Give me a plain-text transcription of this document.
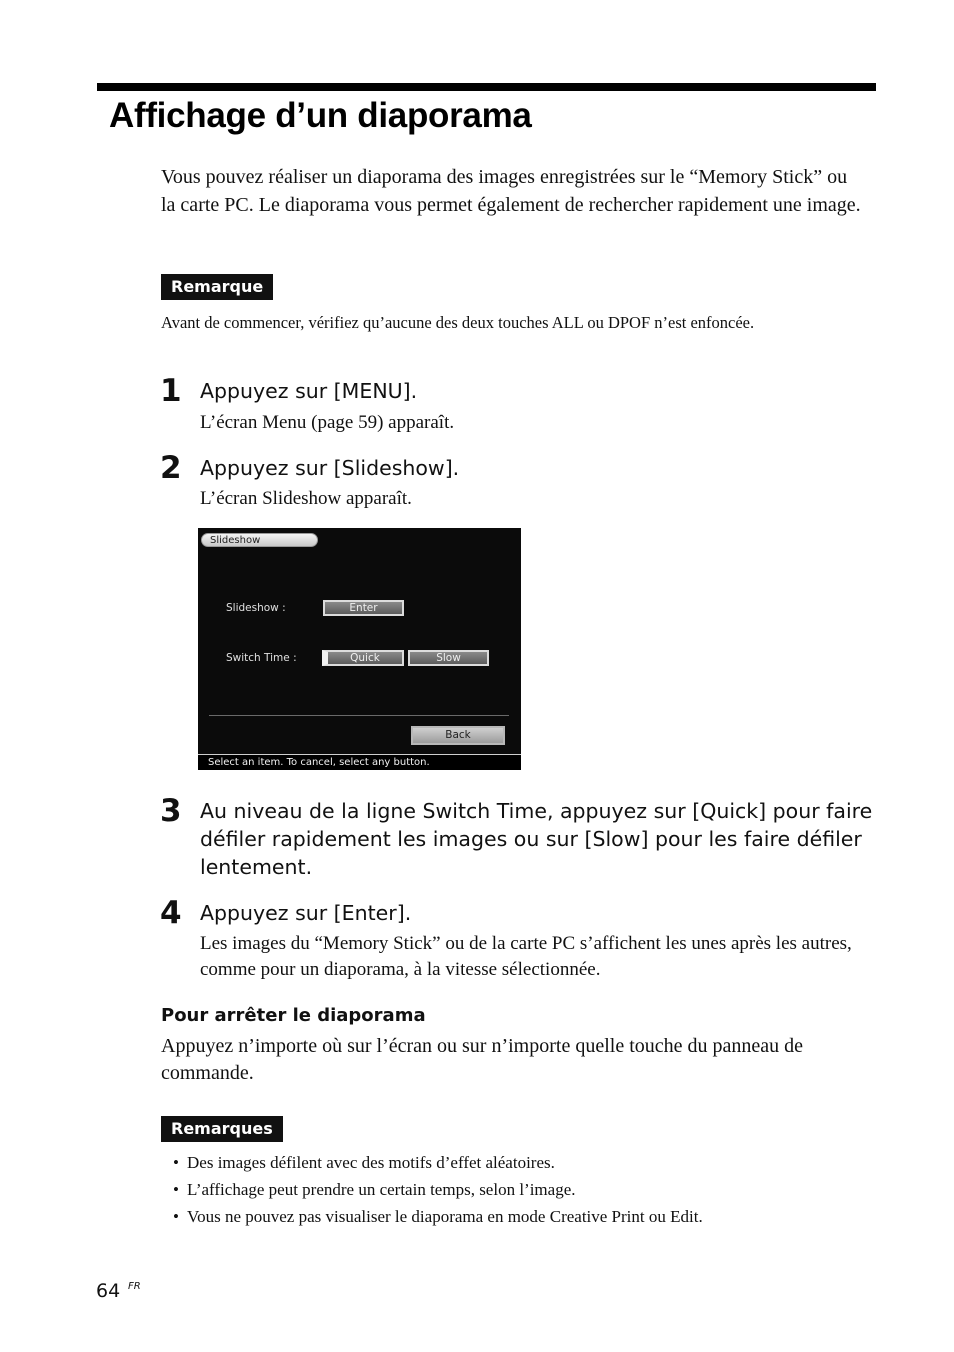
Affichage d’un diaporama

Vous pouvez réaliser un diaporama des images enregistrées sur le “Memory Stick” ou la carte PC. Le diaporama vous permet également de rechercher rapidement une image.

Remarque

Avant de commencer, vérifiez qu’aucune des deux touches ALL ou DPOF n’est enfoncée.

1 Appuyez sur [MENU].
L’écran Menu (page 59) apparaît.
2 Appuyez sur [Slideshow].
L’écran Slideshow apparaît.
Slideshow
Slideshow :	Enter
Switch Time :	Quick	Slow
Back
Select an item. To cancel, select any button.
3 Au niveau de la ligne Switch Time, appuyez sur [Quick] pour faire défiler rapidement les images ou sur [Slow] pour les faire défiler lentement.
4 Appuyez sur [Enter].
Les images du “Memory Stick” ou de la carte PC s’affichent les unes après les autres, comme pour un diaporama, à la vitesse sélectionnée.
Pour arrêter le diaporama

Appuyez n’importe où sur l’écran ou sur n’importe quelle touche du panneau de commande.

Remarques
• Des images défilent avec des motifs d’effet aléatoires.
• L’affichage peut prendre un certain temps, selon l’image.
• Vous ne pouvez pas visualiser le diaporama en mode Creative Print ou Edit.
64 FR
